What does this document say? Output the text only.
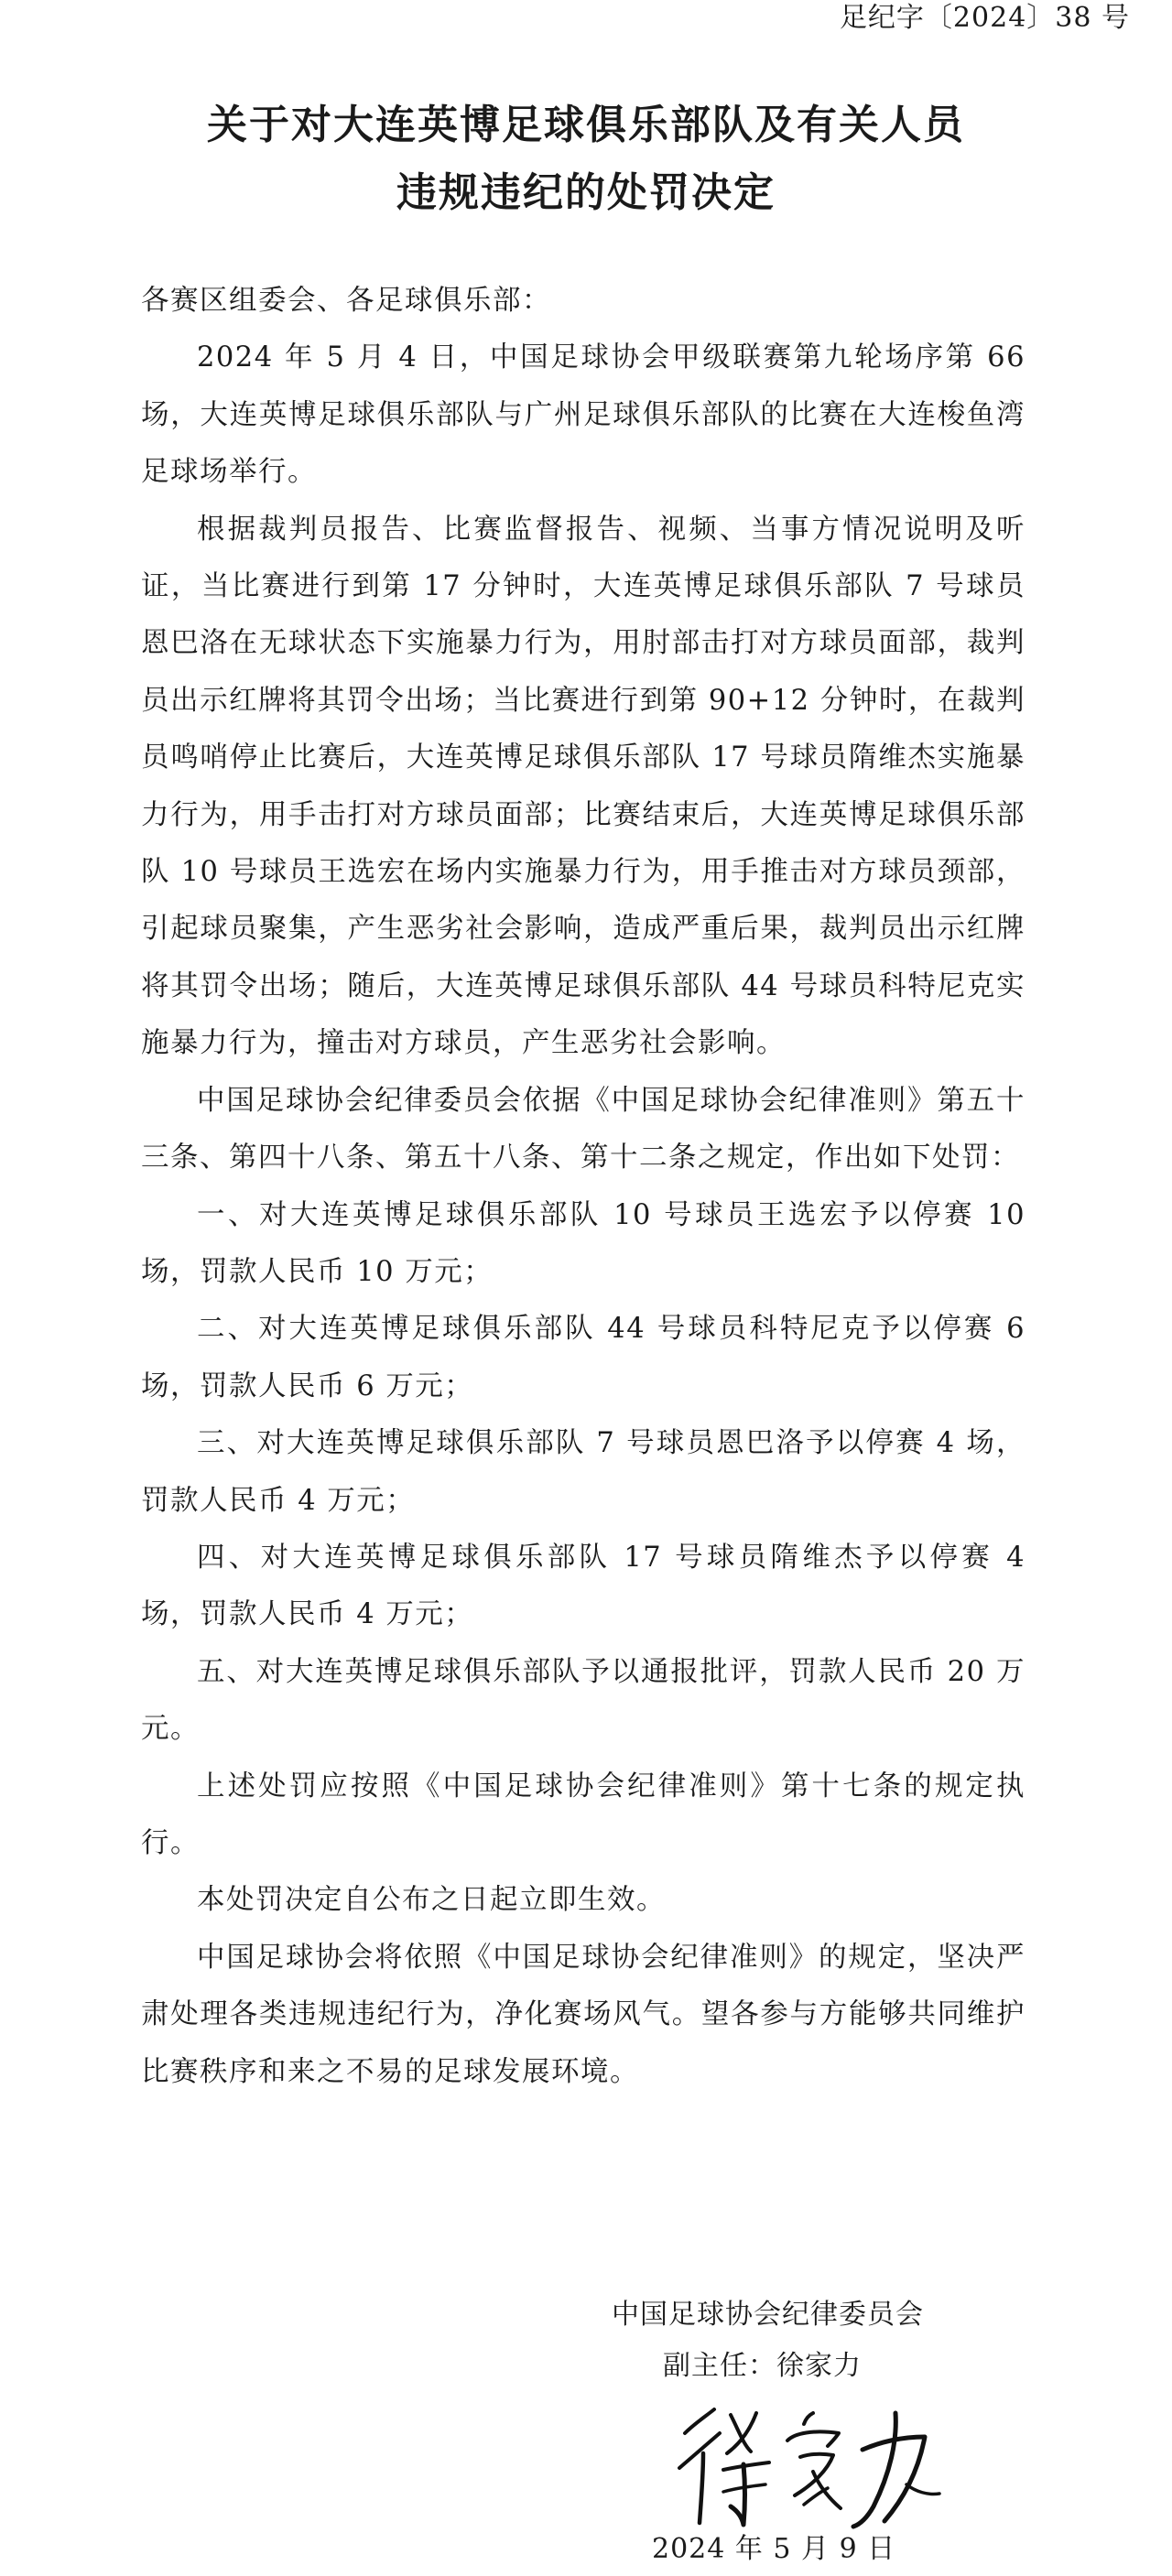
足纪字〔2024〕38 号
关于对大连英博足球俱乐部队及有关人员
违规违纪的处罚决定

各赛区组委会、各足球俱乐部：

2024 年 5 月 4 日，中国足球协会甲级联赛第九轮场序第 66 场，大连英博足球俱乐部队与广州足球俱乐部队的比赛在大连梭鱼湾足球场举行。

根据裁判员报告、比赛监督报告、视频、当事方情况说明及听证，当比赛进行到第 17 分钟时，大连英博足球俱乐部队 7 号球员恩巴洛在无球状态下实施暴力行为，用肘部击打对方球员面部，裁判员出示红牌将其罚令出场；当比赛进行到第 90+12 分钟时，在裁判员鸣哨停止比赛后，大连英博足球俱乐部队 17 号球员隋维杰实施暴力行为，用手击打对方球员面部；比赛结束后，大连英博足球俱乐部队 10 号球员王选宏在场内实施暴力行为，用手推击对方球员颈部，引起球员聚集，产生恶劣社会影响，造成严重后果，裁判员出示红牌将其罚令出场；随后，大连英博足球俱乐部队 44 号球员科特尼克实施暴力行为，撞击对方球员，产生恶劣社会影响。

中国足球协会纪律委员会依据《中国足球协会纪律准则》第五十三条、第四十八条、第五十八条、第十二条之规定，作出如下处罚：

一、对大连英博足球俱乐部队 10 号球员王选宏予以停赛 10 场，罚款人民币 10 万元；

二、对大连英博足球俱乐部队 44 号球员科特尼克予以停赛 6 场，罚款人民币 6 万元；

三、对大连英博足球俱乐部队 7 号球员恩巴洛予以停赛 4 场，罚款人民币 4 万元；

四、对大连英博足球俱乐部队 17 号球员隋维杰予以停赛 4 场，罚款人民币 4 万元；

五、对大连英博足球俱乐部队予以通报批评，罚款人民币 20 万元。

上述处罚应按照《中国足球协会纪律准则》第十七条的规定执行。

本处罚决定自公布之日起立即生效。

中国足球协会将依照《中国足球协会纪律准则》的规定，坚决严肃处理各类违规违纪行为，净化赛场风气。望各参与方能够共同维护比赛秩序和来之不易的足球发展环境。

中国足球协会纪律委员会
副主任：徐家力
2024 年 5 月 9 日
